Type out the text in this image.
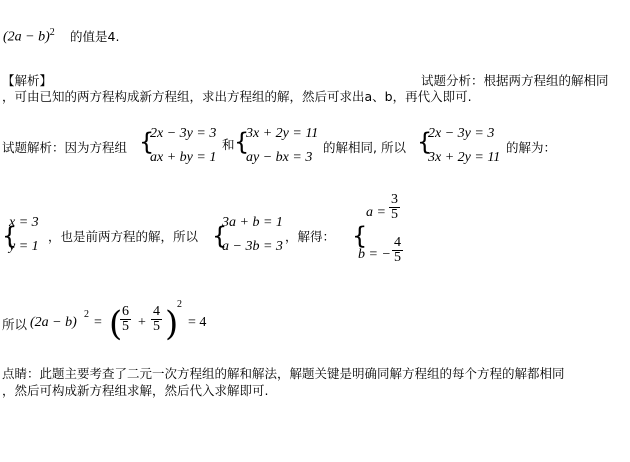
$(2a - b)^2$ 的值是4.
【解析】	试题分析：根据两方程组的解相同
，可由已知的两方程构成新方程组，求出方程组的解，然后可求出a、b，再代入即可.
试题解析：因为方程组 {
2x − 3y = 3
ax + by = 1
和 {
3x + 2y = 11
ay − bx = 3
的解相同, 所以 {
2x − 3y = 3
3x + 2y = 11
的解为：
{
x = 3
y = 1
，也是前两方程的解，所以 {
3a + b = 1
a − 3b = 3
，解得： {
$a = \frac{3}{5}$
b = − $\frac{4}{5}$
所以 (2a − b)
2
= (
$\frac{6}{5} + \frac{4}{5}$ )
2
= 4
点睛：此题主要考查了二元一次方程组的解和解法，解题关键是明确同解方程组的每个方程的解都相同
，然后可构成新方程组求解，然后代入求解即可.
